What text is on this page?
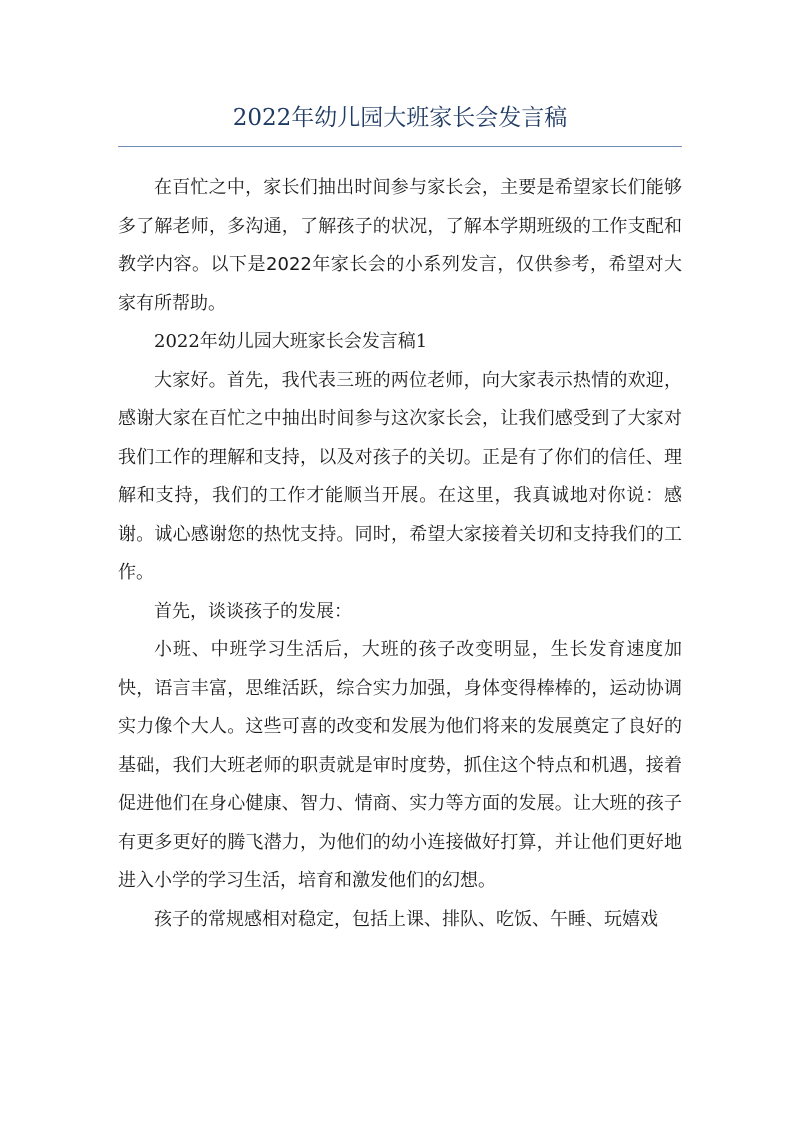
2022年幼儿园大班家长会发言稿

在百忙之中，家长们抽出时间参与家长会，主要是希望家长们能够多了解老师，多沟通，了解孩子的状况，了解本学期班级的工作支配和教学内容。以下是2022年家长会的小系列发言，仅供参考，希望对大家有所帮助。

2022年幼儿园大班家长会发言稿1

大家好。首先，我代表三班的两位老师，向大家表示热情的欢迎，感谢大家在百忙之中抽出时间参与这次家长会，让我们感受到了大家对我们工作的理解和支持，以及对孩子的关切。正是有了你们的信任、理解和支持，我们的工作才能顺当开展。在这里，我真诚地对你说：感谢。诚心感谢您的热忱支持。同时，希望大家接着关切和支持我们的工作。

首先，谈谈孩子的发展：

小班、中班学习生活后，大班的孩子改变明显，生长发育速度加快，语言丰富，思维活跃，综合实力加强，身体变得棒棒的，运动协调实力像个大人。这些可喜的改变和发展为他们将来的发展奠定了良好的基础，我们大班老师的职责就是审时度势，抓住这个特点和机遇，接着促进他们在身心健康、智力、情商、实力等方面的发展。让大班的孩子有更多更好的腾飞潜力，为他们的幼小连接做好打算，并让他们更好地进入小学的学习生活，培育和激发他们的幻想。

孩子的常规感相对稳定，包括上课、排队、吃饭、午睡、玩嬉戏
